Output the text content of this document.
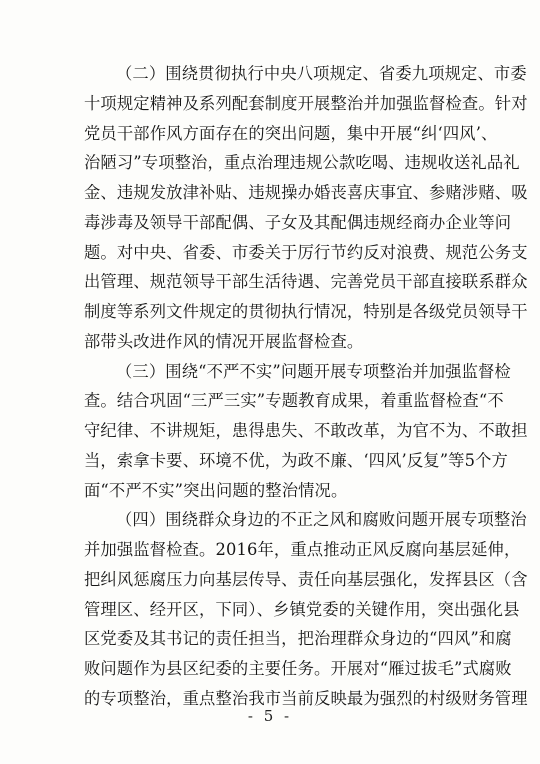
（二）围绕贯彻执行中央八项规定、省委九项规定、市委
十项规定精神及系列配套制度开展整治并加强监督检查。针对
党员干部作风方面存在的突出问题，集中开展“纠‘四风’、
治陋习”专项整治，重点治理违规公款吃喝、违规收送礼品礼
金、违规发放津补贴、违规操办婚丧喜庆事宜、参赌涉赌、吸
毒涉毒及领导干部配偶、子女及其配偶违规经商办企业等问
题。对中央、省委、市委关于厉行节约反对浪费、规范公务支
出管理、规范领导干部生活待遇、完善党员干部直接联系群众
制度等系列文件规定的贯彻执行情况，特别是各级党员领导干
部带头改进作风的情况开展监督检查。
（三）围绕“不严不实”问题开展专项整治并加强监督检
查。结合巩固“三严三实”专题教育成果，着重监督检查“不
守纪律、不讲规矩，患得患失、不敢改革，为官不为、不敢担
当，索拿卡要、环境不优，为政不廉、‘四风’反复”等5个方
面“不严不实”突出问题的整治情况。
（四）围绕群众身边的不正之风和腐败问题开展专项整治
并加强监督检查。2016年，重点推动正风反腐向基层延伸，
把纠风惩腐压力向基层传导、责任向基层强化，发挥县区（含
管理区、经开区，下同）、乡镇党委的关键作用，突出强化县
区党委及其书记的责任担当，把治理群众身边的“四风”和腐
败问题作为县区纪委的主要任务。开展对“雁过拔毛”式腐败
的专项整治，重点整治我市当前反映最为强烈的村级财务管理
- 5 -
